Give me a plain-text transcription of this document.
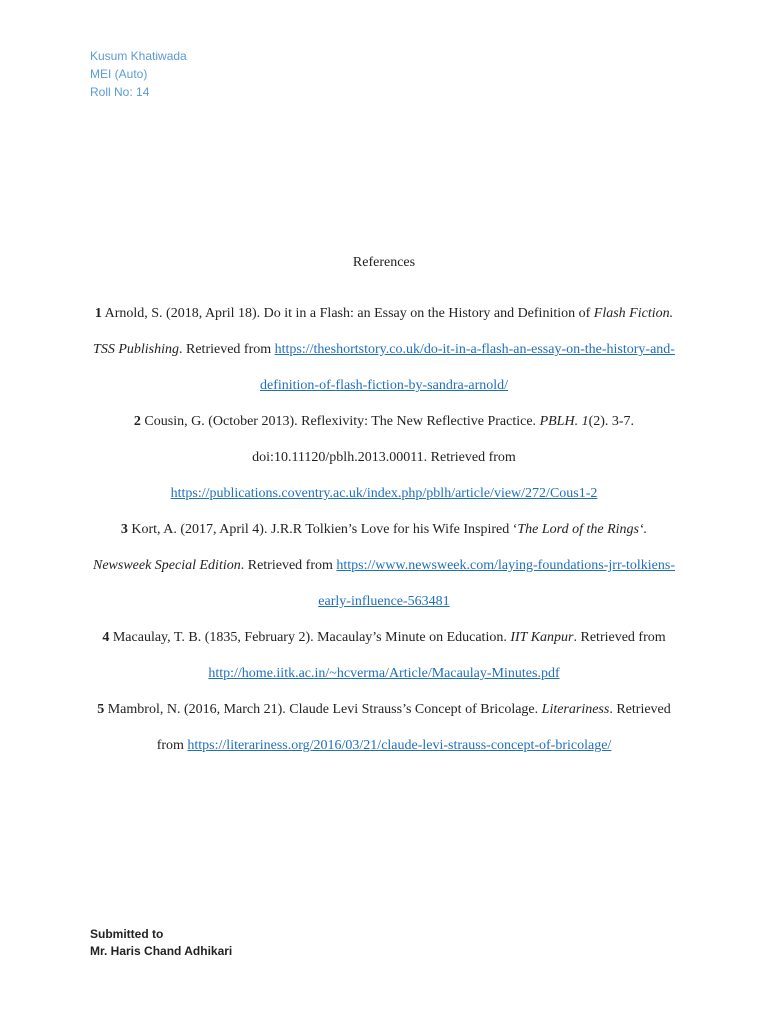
Kusum Khatiwada
MEI (Auto)
Roll No: 14
References
1 Arnold, S. (2018, April 18). Do it in a Flash: an Essay on the History and Definition of Flash Fiction. TSS Publishing. Retrieved from https://theshortstory.co.uk/do-it-in-a-flash-an-essay-on-the-history-and-definition-of-flash-fiction-by-sandra-arnold/
2 Cousin, G. (October 2013). Reflexivity: The New Reflective Practice. PBLH. 1(2). 3-7. doi:10.11120/pblh.2013.00011. Retrieved from https://publications.coventry.ac.uk/index.php/pblh/article/view/272/Cous1-2
3 Kort, A. (2017, April 4). J.R.R Tolkien’s Love for his Wife Inspired ‘The Lord of the Rings‘. Newsweek Special Edition. Retrieved from https://www.newsweek.com/laying-foundations-jrr-tolkiens-early-influence-563481
4 Macaulay, T. B. (1835, February 2). Macaulay’s Minute on Education. IIT Kanpur. Retrieved from http://home.iitk.ac.in/~hcverma/Article/Macaulay-Minutes.pdf
5 Mambrol, N. (2016, March 21). Claude Levi Strauss’s Concept of Bricolage. Literariness. Retrieved from https://literariness.org/2016/03/21/claude-levi-strauss-concept-of-bricolage/
Submitted to
Mr. Haris Chand Adhikari
